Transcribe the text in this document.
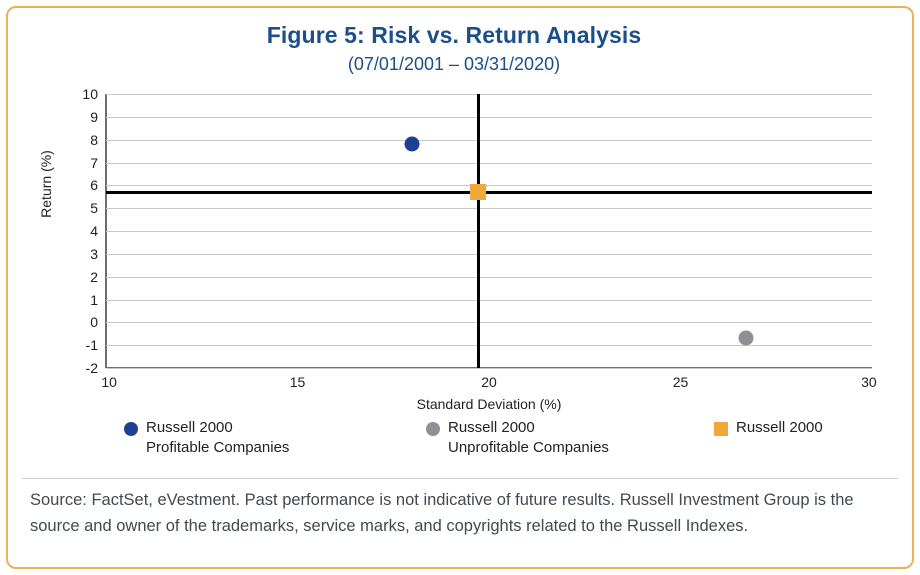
Figure 5: Risk vs. Return Analysis
(07/01/2001 – 03/31/2020)
Return (%)
-2
-1
0
1
2
3
4
5
6
7
8
9
10
10	15	20	25	30
Standard Deviation (%)
Russell 2000
Profitable Companies
Russell 2000
Unprofitable Companies
Russell 2000
Source: FactSet, eVestment. Past performance is not indicative of future results. Russell Investment Group is the source and owner of the trademarks, service marks, and copyrights related to the Russell Indexes.
